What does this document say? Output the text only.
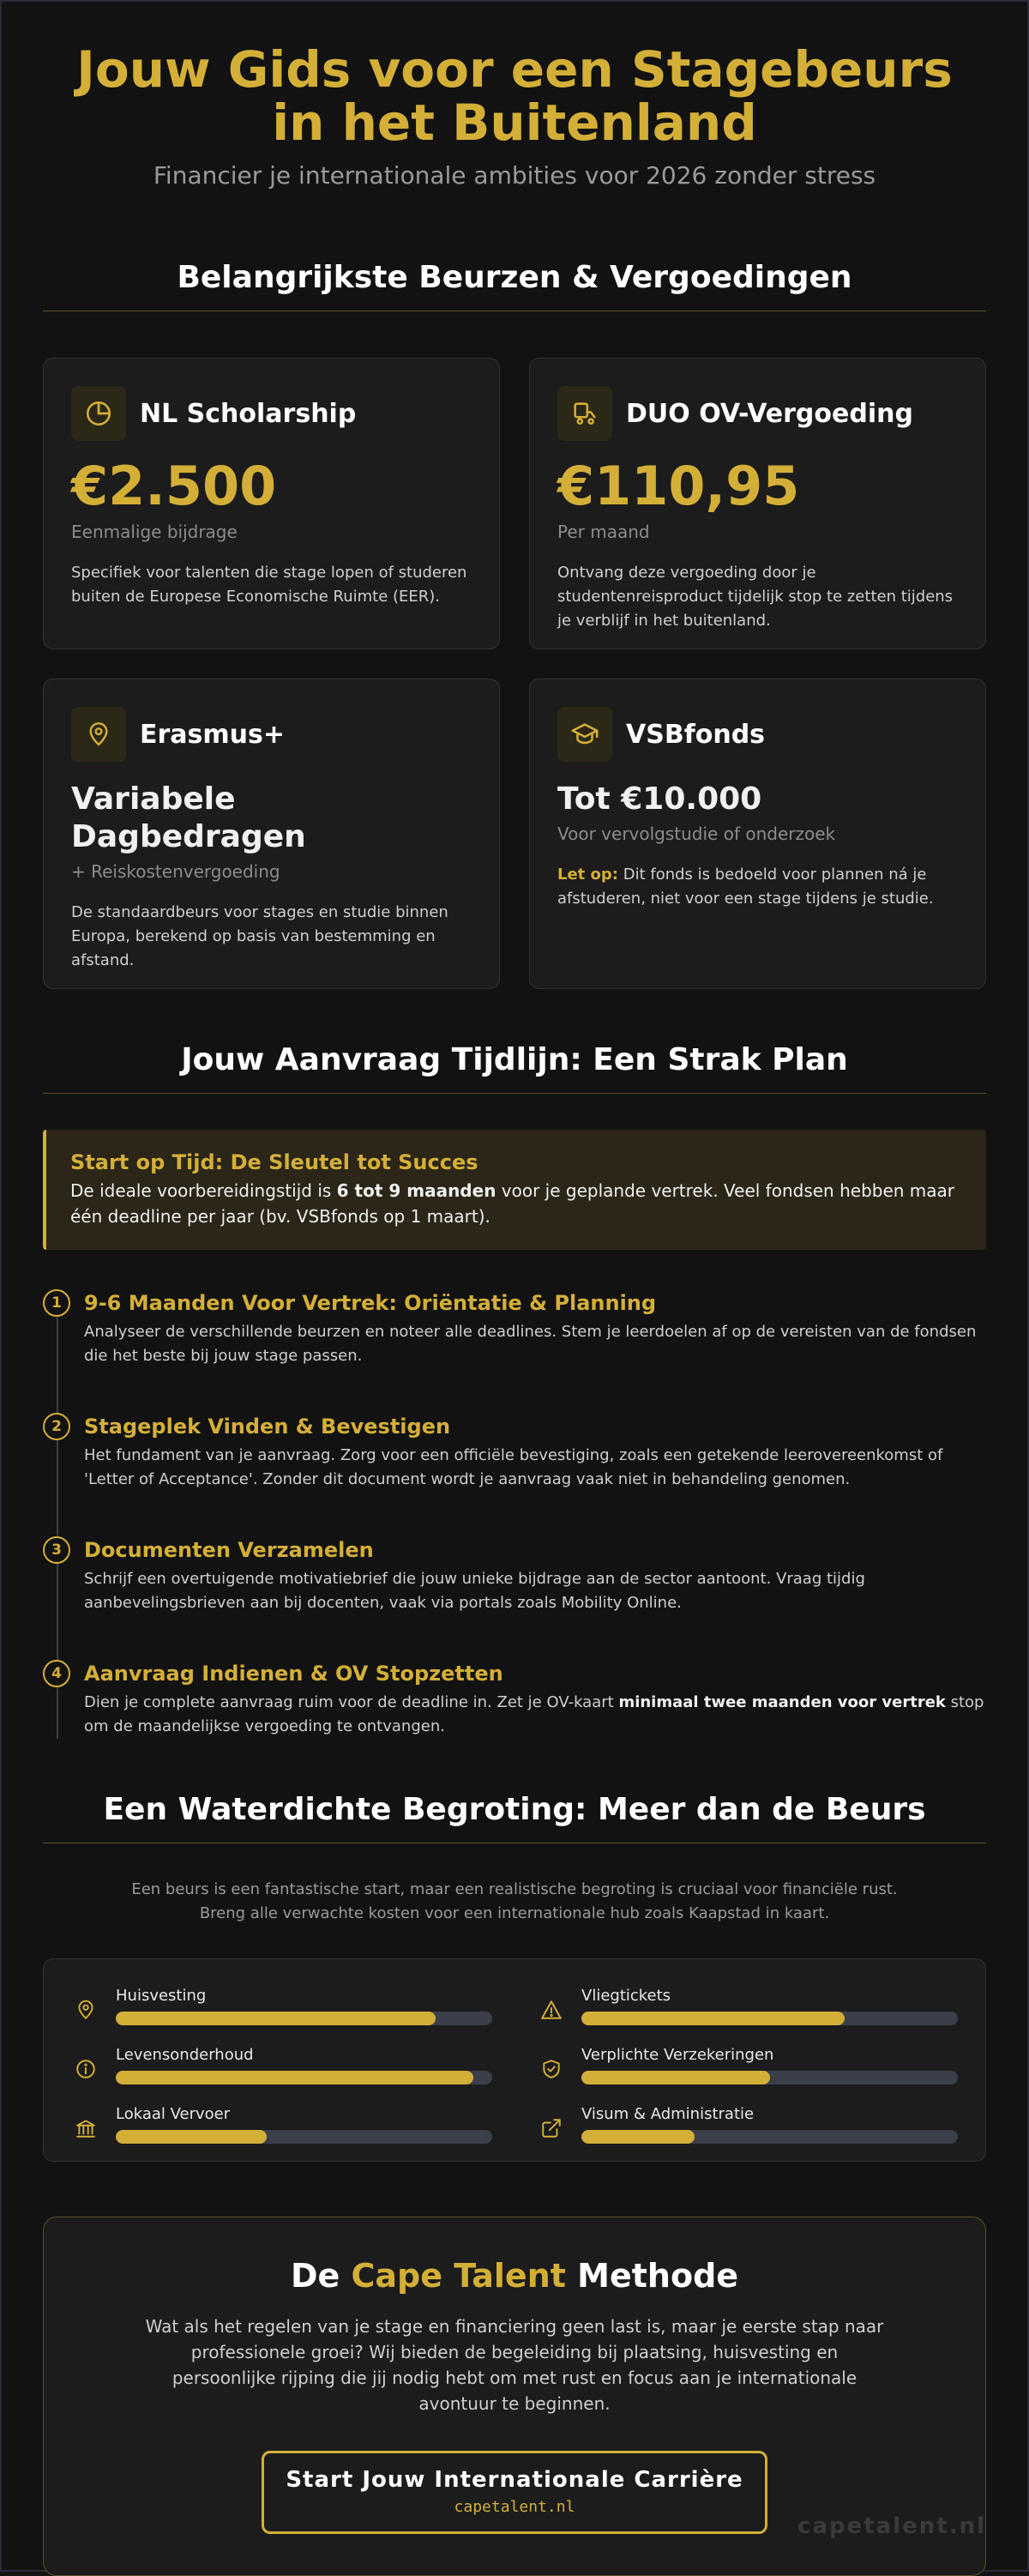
Jouw Gids voor een Stagebeurs in het Buitenland
Financier je internationale ambities voor 2026 zonder stress
Belangrijkste Beurzen & Vergoedingen
NL Scholarship
€2.500
Eenmalige bijdrage
Specifiek voor talenten die stage lopen of studeren buiten de Europese Economische Ruimte (EER).
DUO OV-Vergoeding
€110,95
Per maand
Ontvang deze vergoeding door je studentenreisproduct tijdelijk stop te zetten tijdens je verblijf in het buitenland.
Erasmus+
Variabele Dagbedragen
+ Reiskostenvergoeding
De standaardbeurs voor stages en studie binnen Europa, berekend op basis van bestemming en afstand.
VSBfonds
Tot €10.000
Voor vervolgstudie of onderzoek
Let op: Dit fonds is bedoeld voor plannen ná je afstuderen, niet voor een stage tijdens je studie.
Jouw Aanvraag Tijdlijn: Een Strak Plan
Start op Tijd: De Sleutel tot Succes
De ideale voorbereidingstijd is 6 tot 9 maanden voor je geplande vertrek. Veel fondsen hebben maar één deadline per jaar (bv. VSBfonds op 1 maart).
1	9-6 Maanden Voor Vertrek: Oriëntatie & Planning
Analyseer de verschillende beurzen en noteer alle deadlines. Stem je leerdoelen af op de vereisten van de fondsen die het beste bij jouw stage passen.
2	Stageplek Vinden & Bevestigen
Het fundament van je aanvraag. Zorg voor een officiële bevestiging, zoals een getekende leerovereenkomst of 'Letter of Acceptance'. Zonder dit document wordt je aanvraag vaak niet in behandeling genomen.
3	Documenten Verzamelen
Schrijf een overtuigende motivatiebrief die jouw unieke bijdrage aan de sector aantoont. Vraag tijdig aanbevelingsbrieven aan bij docenten, vaak via portals zoals Mobility Online.
4	Aanvraag Indienen & OV Stopzetten
Dien je complete aanvraag ruim voor de deadline in. Zet je OV-kaart minimaal twee maanden voor vertrek stop om de maandelijkse vergoeding te ontvangen.
Een Waterdichte Begroting: Meer dan de Beurs
Een beurs is een fantastische start, maar een realistische begroting is cruciaal voor financiële rust.
Breng alle verwachte kosten voor een internationale hub zoals Kaapstad in kaart.
Huisvesting	Vliegtickets
Levensonderhoud	Verplichte Verzekeringen
Lokaal Vervoer	Visum & Administratie
De Cape Talent Methode
Wat als het regelen van je stage en financiering geen last is, maar je eerste stap naar professionele groei? Wij bieden de begeleiding bij plaatsing, huisvesting en persoonlijke rijping die jij nodig hebt om met rust en focus aan je internationale avontuur te beginnen.
Start Jouw Internationale Carrière
capetalent.nl
capetalent.nl
